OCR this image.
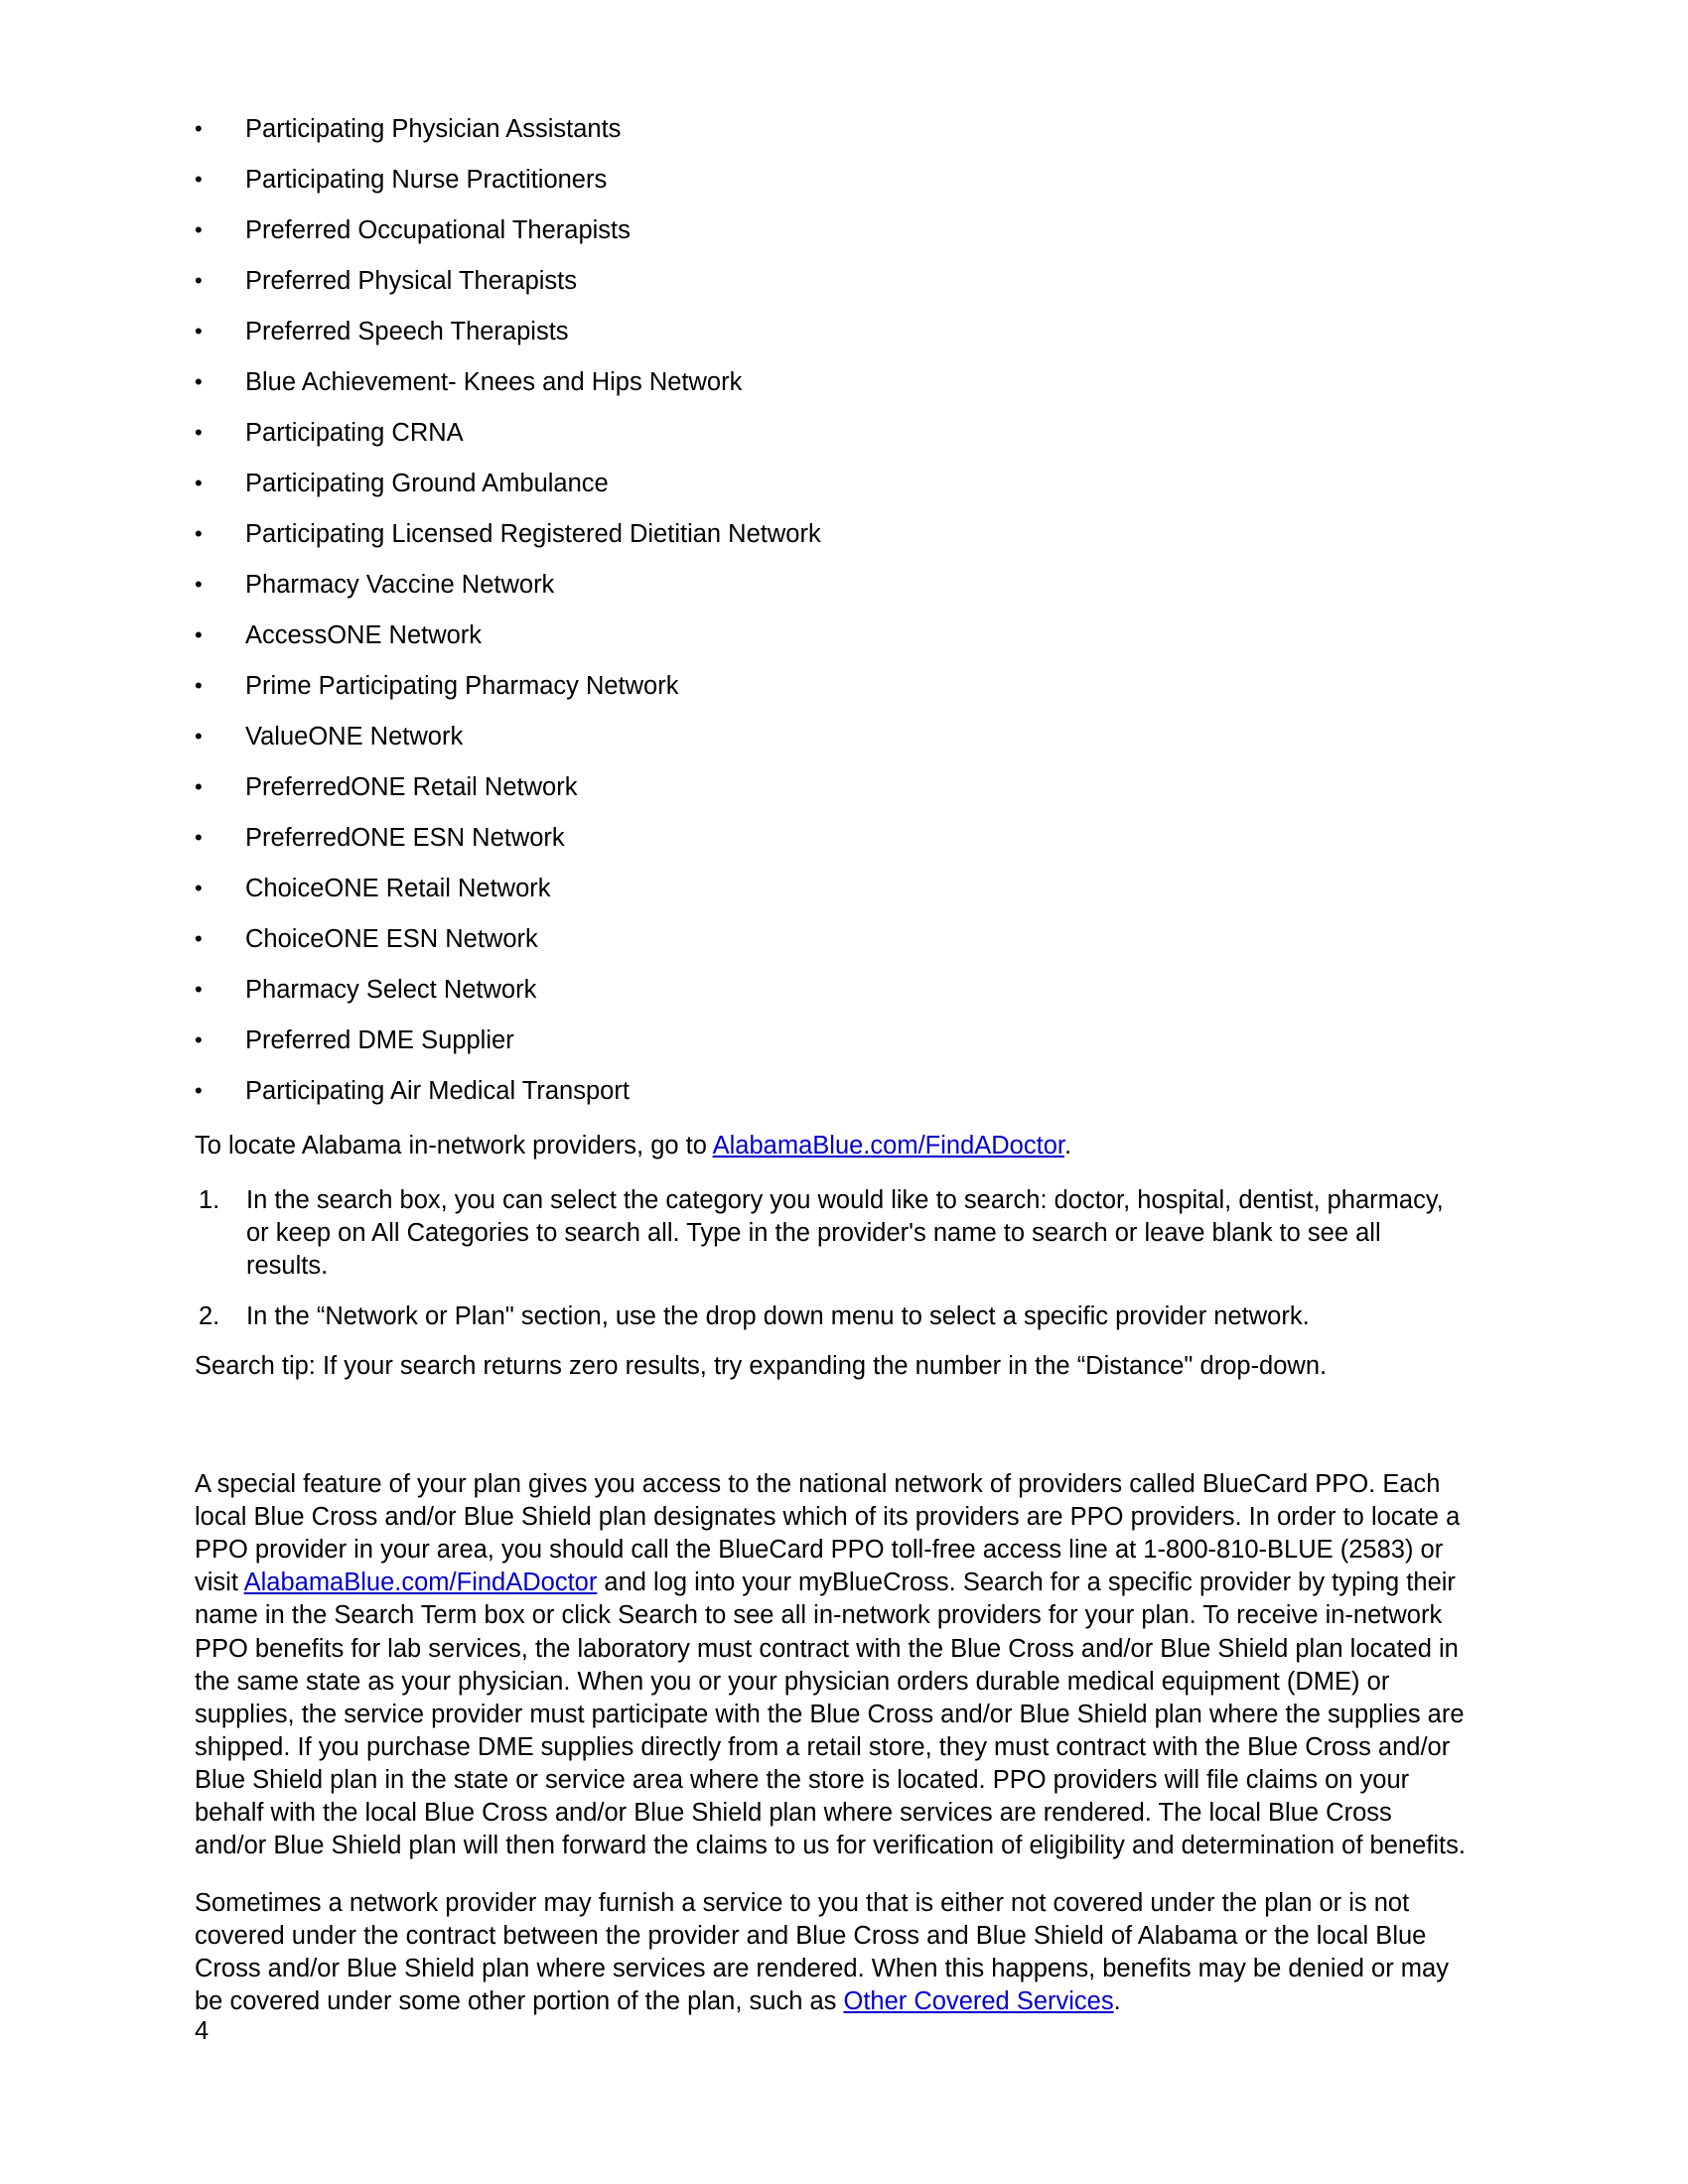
• Participating Physician Assistants
• Participating Nurse Practitioners
• Preferred Occupational Therapists
• Preferred Physical Therapists
• Preferred Speech Therapists
• Blue Achievement- Knees and Hips Network
• Participating CRNA
• Participating Ground Ambulance
• Participating Licensed Registered Dietitian Network
• Pharmacy Vaccine Network
• AccessONE Network
• Prime Participating Pharmacy Network
• ValueONE Network
• PreferredONE Retail Network
• PreferredONE ESN Network
• ChoiceONE Retail Network
• ChoiceONE ESN Network
• Pharmacy Select Network
• Preferred DME Supplier
• Participating Air Medical Transport

To locate Alabama in-network providers, go to AlabamaBlue.com/FindADoctor.

1.	In the search box, you can select the category you would like to search: doctor, hospital, dentist, pharmacy, or keep on All Categories to search all. Type in the provider's name to search or leave blank to see all results.
2.	In the “Network or Plan" section, use the drop down menu to select a specific provider network.

Search tip: If your search returns zero results, try expanding the number in the “Distance" drop-down.

A special feature of your plan gives you access to the national network of providers called BlueCard PPO. Each local Blue Cross and/or Blue Shield plan designates which of its providers are PPO providers. In order to locate a PPO provider in your area, you should call the BlueCard PPO toll-free access line at 1-800-810-BLUE (2583) or visit AlabamaBlue.com/FindADoctor and log into your myBlueCross. Search for a specific provider by typing their name in the Search Term box or click Search to see all in-network providers for your plan. To receive in-network PPO benefits for lab services, the laboratory must contract with the Blue Cross and/or Blue Shield plan located in the same state as your physician. When you or your physician orders durable medical equipment (DME) or supplies, the service provider must participate with the Blue Cross and/or Blue Shield plan where the supplies are shipped. If you purchase DME supplies directly from a retail store, they must contract with the Blue Cross and/or Blue Shield plan in the state or service area where the store is located. PPO providers will file claims on your behalf with the local Blue Cross and/or Blue Shield plan where services are rendered. The local Blue Cross and/or Blue Shield plan will then forward the claims to us for verification of eligibility and determination of benefits.

Sometimes a network provider may furnish a service to you that is either not covered under the plan or is not covered under the contract between the provider and Blue Cross and Blue Shield of Alabama or the local Blue Cross and/or Blue Shield plan where services are rendered. When this happens, benefits may be denied or may be covered under some other portion of the plan, such as Other Covered Services.

4
